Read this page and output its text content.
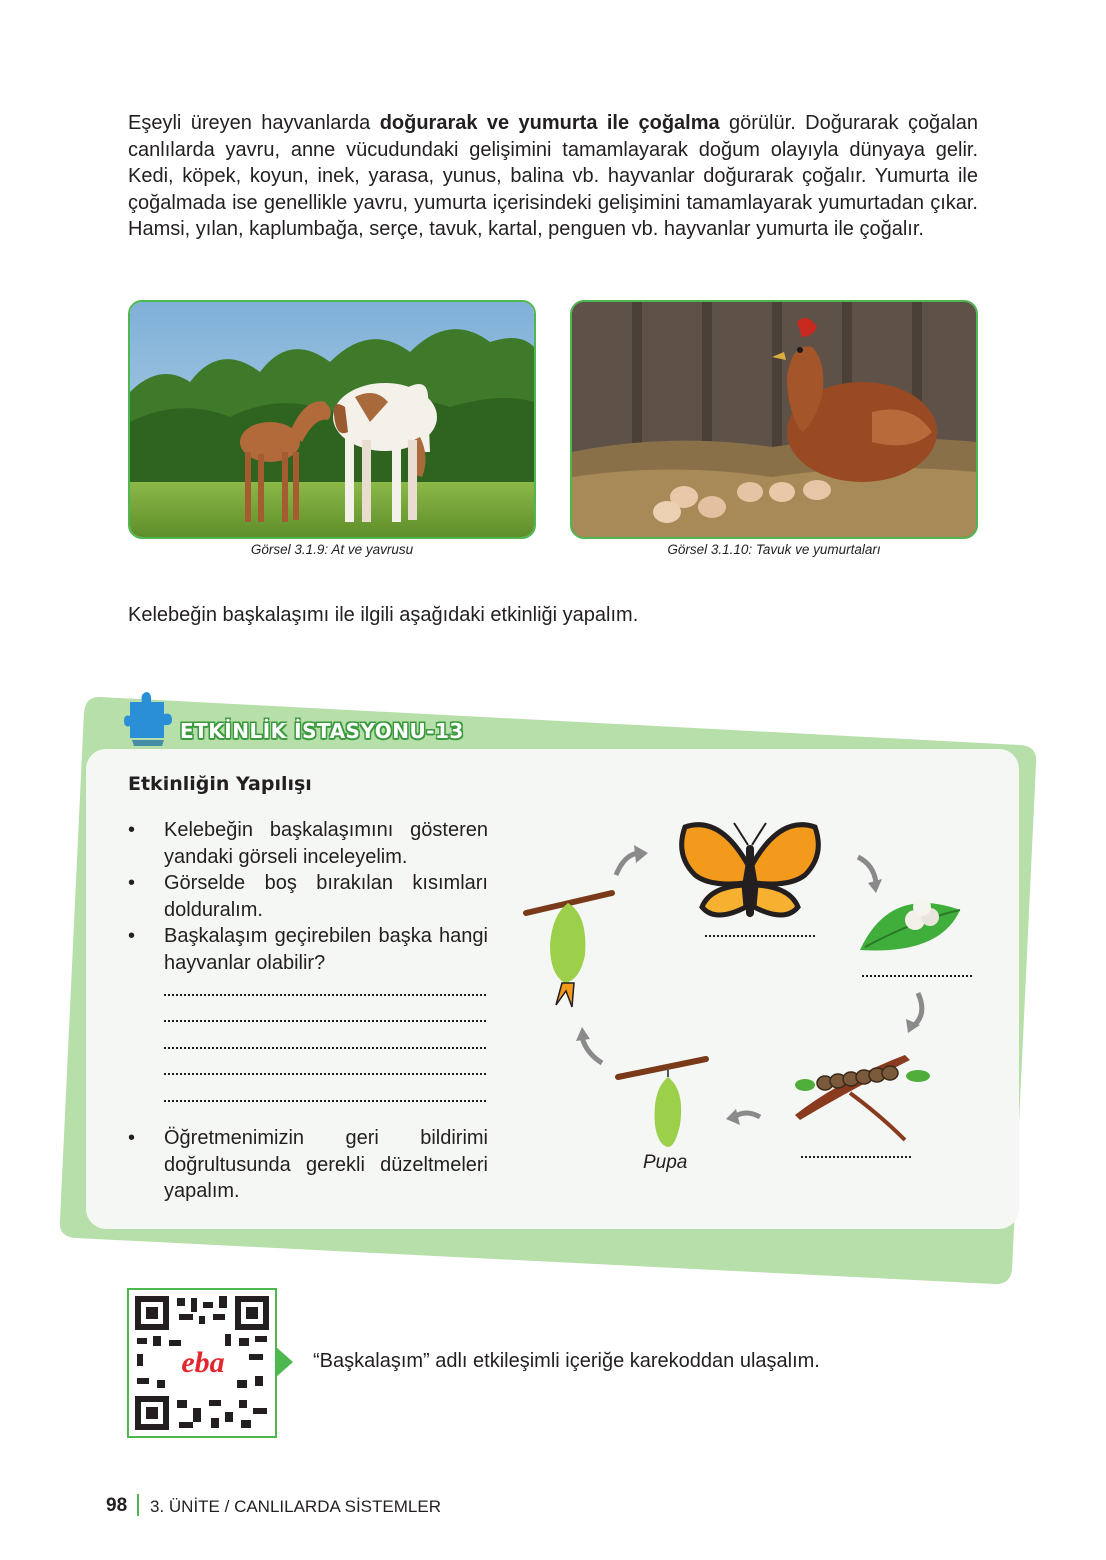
Eşeyli üreyen hayvanlarda doğurarak ve yumurta ile çoğalma görülür. Doğurarak çoğalan canlılarda yavru, anne vücudundaki gelişimini tamamlayarak doğum olayıyla dünyaya gelir. Kedi, köpek, koyun, inek, yarasa, yunus, balina vb. hayvanlar doğurarak çoğalır. Yumurta ile çoğalmada ise genellikle yavru, yumurta içerisindeki gelişimini tamamlayarak yumurtadan çıkar. Hamsi, yılan, kaplumbağa, serçe, tavuk, kartal, penguen vb. hayvanlar yumurta ile çoğalır.

Görsel 3.1.9: At ve yavrusu	Görsel 3.1.10: Tavuk ve yumurtaları
Kelebeğin başkalaşımı ile ilgili aşağıdaki etkinliği yapalım.
ETKİNLİK İSTASYONU-13
Etkinliğin Yapılışı
• Kelebeğin başkalaşımını gösteren yandaki görseli inceleyelim.
• Görselde boş bırakılan kısımları dolduralım.
• Başkalaşım geçirebilen başka hangi hayvanlar olabilir?
• Öğretmenimizin geri bildirimi doğrultusunda gerekli düzeltmeleri yapalım.
Pupa
eba	“Başkalaşım” adlı etkileşimli içeriğe karekoddan ulaşalım.
98 3. ÜNİTE / CANLILARDA SİSTEMLER
